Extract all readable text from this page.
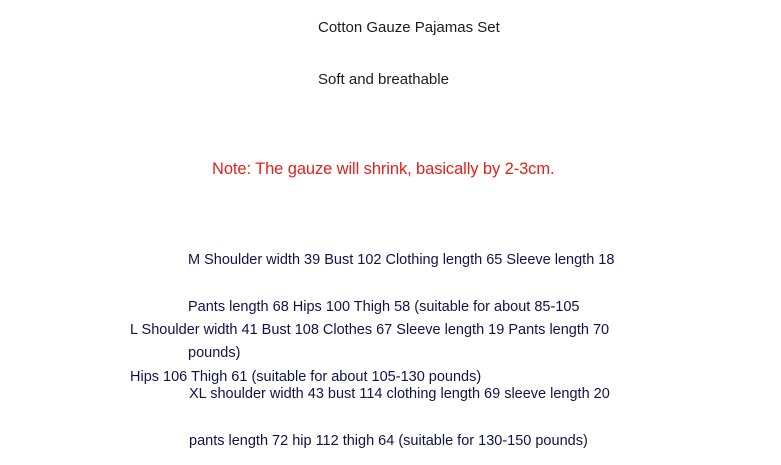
Cotton Gauze Pajamas Set
Soft and breathable
Note: The gauze will shrink, basically by 2-3cm.

M Shoulder width 39 Bust 102 Clothing length 65 Sleeve length 18

Pants length 68 Hips 100 Thigh 58 (suitable for about 85-105

pounds)

L Shoulder width 41 Bust 108 Clothes 67 Sleeve length 19 Pants length 70

Hips 106 Thigh 61 (suitable for about 105-130 pounds)

XL shoulder width 43 bust 114 clothing length 69 sleeve length 20

pants length 72 hip 112 thigh 64 (suitable for 130-150 pounds)
